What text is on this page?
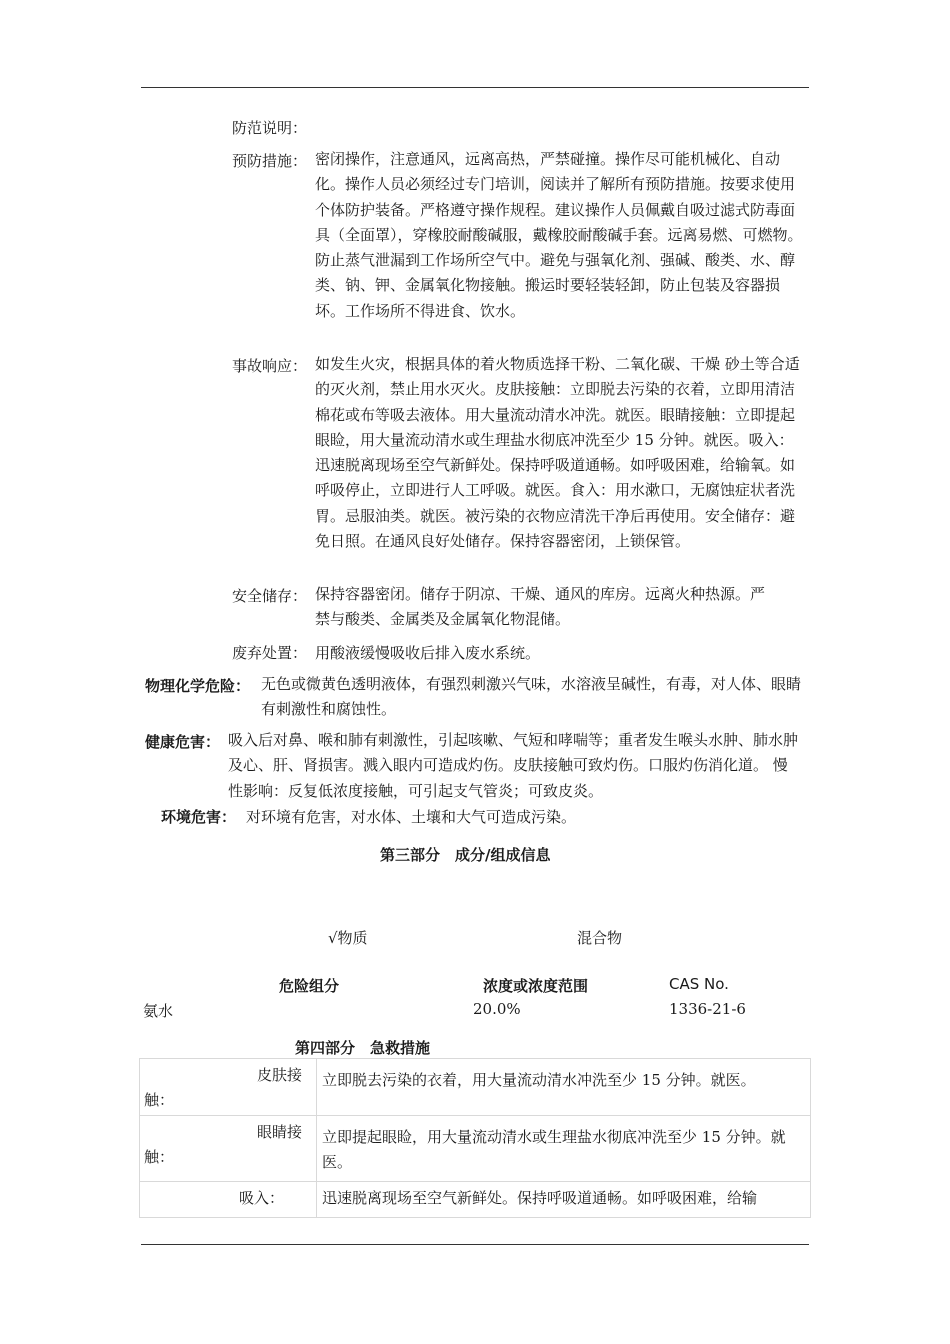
防范说明：
预防措施： 密闭操作，注意通风，远离高热，严禁碰撞。操作尽可能机械化、自动化。操作人员必须经过专门培训，阅读并了解所有预防措施。按要求使用个体防护装备。严格遵守操作规程。建议操作人员佩戴自吸过滤式防毒面具（全面罩），穿橡胶耐酸碱服，戴橡胶耐酸碱手套。远离易燃、可燃物。防止蒸气泄漏到工作场所空气中。避免与强氧化剂、强碱、酸类、水、醇类、钠、钾、金属氧化物接触。搬运时要轻装轻卸，防止包装及容器损坏。工作场所不得进食、饮水。
事故响应： 如发生火灾，根据具体的着火物质选择干粉、二氧化碳、干燥 砂土等合适的灭火剂，禁止用水灭火。皮肤接触：立即脱去污染的衣着，立即用清洁棉花或布等吸去液体。用大量流动清水冲洗。就医。眼睛接触：立即提起眼睑，用大量流动清水或生理盐水彻底冲洗至少 15 分钟。就医。吸入：迅速脱离现场至空气新鲜处。保持呼吸道通畅。如呼吸困难，给输氧。如呼吸停止，立即进行人工呼吸。就医。食入：用水漱口，无腐蚀症状者洗胃。忌服油类。就医。被污染的衣物应清洗干净后再使用。安全储存：避免日照。在通风良好处储存。保持容器密闭，上锁保管。
安全储存： 保持容器密闭。储存于阴凉、干燥、通风的库房。远离火种热源。严禁与酸类、金属类及金属氧化物混储。
废弃处置： 用酸液缓慢吸收后排入废水系统。
物理化学危险： 无色或微黄色透明液体，有强烈刺激兴气味，水溶液呈碱性，有毒，对人体、眼睛有刺激性和腐蚀性。
健康危害： 吸入后对鼻、喉和肺有刺激性，引起咳嗽、气短和哮喘等；重者发生喉头水肿、肺水肿及心、肝、肾损害。溅入眼内可造成灼伤。皮肤接触可致灼伤。口服灼伤消化道。 慢性影响：反复低浓度接触，可引起支气管炎；可致皮炎。
环境危害： 对环境有危害，对水体、土壤和大气可造成污染。
第三部分　成分/组成信息
√物质	混合物
危险组分	浓度或浓度范围	CAS No.
氨水	20.0%	1336-21-6
第四部分　急救措施
皮肤接
触：	立即脱去污染的衣着，用大量流动清水冲洗至少 15 分钟。就医。

眼睛接
触：	立即提起眼睑，用大量流动清水或生理盐水彻底冲洗至少 15 分钟。就医。

吸入：	迅速脱离现场至空气新鲜处。保持呼吸道通畅。如呼吸困难，给输
